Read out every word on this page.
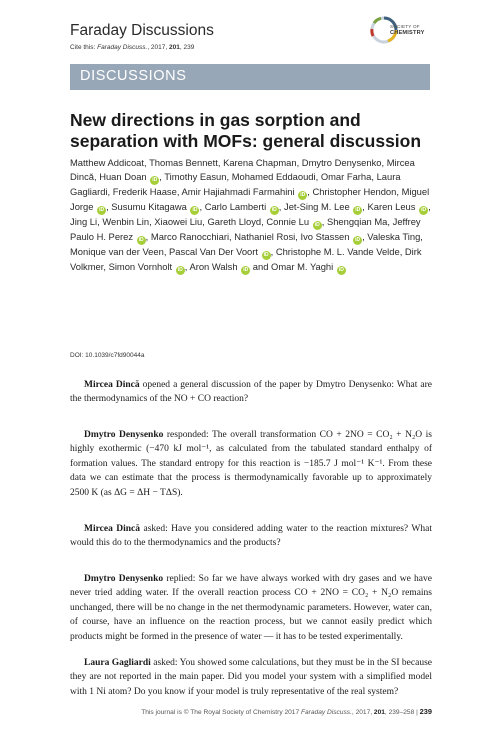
Faraday Discussions
Cite this: Faraday Discuss., 2017, 201, 239
SOCIETY OF
CHEMISTRY
DISCUSSIONS
New directions in gas sorption and separation with MOFs: general discussion
Matthew Addicoat, Thomas Bennett, Karena Chapman, Dmytro Denysenko, Mircea Dincă, Huan Doan iD , Timothy Easun, Mohamed Eddaoudi, Omar Farha, Laura Gagliardi, Frederik Haase, Amir Hajiahmadi Farmahini iD , Christopher Hendon, Miguel Jorge iD , Susumu Kitagawa iD , Carlo Lamberti iD , Jet-Sing M. Lee iD , Karen Leus iD , Jing Li, Wenbin Lin, Xiaowei Liu, Gareth Lloyd, Connie Lu iD , Shengqian Ma, Jeffrey Paulo H. Perez iD , Marco Ranocchiari, Nathaniel Rosi, Ivo Stassen iD , Valeska Ting, Monique van der Veen, Pascal Van Der Voort iD , Christophe M. L. Vande Velde, Dirk Volkmer, Simon Vornholt iD , Aron Walsh iD and Omar M. Yaghi iD
DOI: 10.1039/c7fd90044a

Mircea Dincă opened a general discussion of the paper by Dmytro Denysenko: What are the thermodynamics of the NO + CO reaction?

Dmytro Denysenko responded: The overall transformation CO + 2NO = CO₂ + N₂O is highly exothermic (−470 kJ mol⁻¹, as calculated from the tabulated standard enthalpy of formation values. The standard entropy for this reaction is −185.7 J mol⁻¹ K⁻¹. From these data we can estimate that the process is thermodynamically favorable up to approximately 2500 K (as ΔG = ΔH − TΔS).

Mircea Dincă asked: Have you considered adding water to the reaction mixtures? What would this do to the thermodynamics and the products?

Dmytro Denysenko replied: So far we have always worked with dry gases and we have never tried adding water. If the overall reaction process CO + 2NO = CO₂ + N₂O remains unchanged, there will be no change in the net thermodynamic parameters. However, water can, of course, have an influence on the reaction process, but we cannot easily predict which products might be formed in the presence of water — it has to be tested experimentally.

Laura Gagliardi asked: You showed some calculations, but they must be in the SI because they are not reported in the main paper. Did you model your system with a simplified model with 1 Ni atom? Do you know if your model is truly representative of the real system?

This journal is © The Royal Society of Chemistry 2017 Faraday Discuss., 2017, 201, 239–258 | 239
